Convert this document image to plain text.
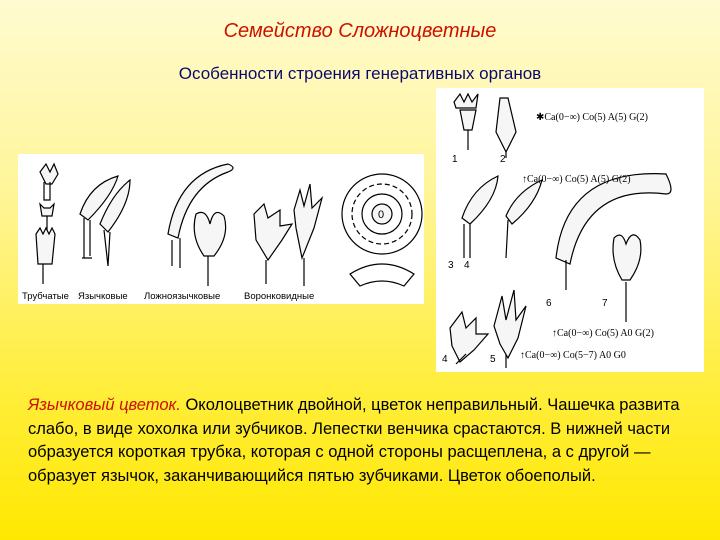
Семейство Сложноцветные
Особенности строения генеративных органов
0
Трубчатые Язычковые Ложноязычковые Воронковидные
1	2
3 4
6	7
4	5
✱Ca(0−∞) Co(5) A(5) G(2)
↑Ca(0−∞) Co(5) A(5) G(2)
↑Ca(0−∞) Co(5) A0 G(2)
↑Ca(0−∞) Co(5−7) A0 G0
Язычковый цветок. Околоцветник двойной, цветок неправильный. Чашечка развита слабо, в виде хохолка или зубчиков. Лепестки венчика срастаются. В нижней части образуется короткая трубка, которая с одной стороны расщеплена, а с другой — образует язычок, заканчивающийся пятью зубчиками. Цветок обоеполый.
